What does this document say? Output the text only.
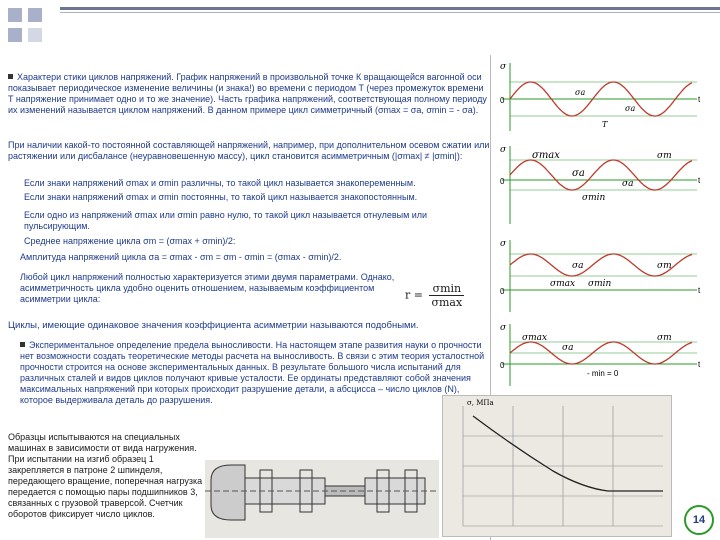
Характери стики циклов напряжений. График напряжений в произвольной точке К вращающейся вагонной оси показывает периодическое изменение величины (и знака!) во времени с периодом T (через промежуток времени T напряжение принимает одно и то же значение). Часть графика напряжений, соответствующая полному периоду их изменений называется циклом напряжений. В данном примере цикл симметричный (σmax = σa, σmin = - σa).
При наличии какой-то постоянной составляющей напряжений, например, при дополнительном осевом сжатии или растяжении или дисбалансе (неуравновешенную массу), цикл становится асимметричным (|σmax| ≠ |σmin|):
Если знаки напряжений σmax и σmin различны, то такой цикл называется знакопеременным.
Если знаки напряжений σmax и σmin постоянны, то такой цикл называется знакопостоянным.
Если одно из напряжений σmax или σmin равно нулю, то такой цикл называется отнулевым или пульсирующим.
Среднее напряжение цикла σm = (σmax + σmin)/2:
Амплитуда напряжений цикла σa = σmax - σm = σm - σmin = (σmax - σmin)/2.
Любой цикл напряжений полностью характеризуется этими двумя параметрами. Однако, асимметричность цикла удобно оценить отношением, называемым коэффициентом асимметрии цикла:	r = σmin
σmax
Циклы, имеющие одинаковое значения коэффициента асимметрии называются подобными.
Экспериментальное определение предела выносливости. На настоящем этапе развития науки о прочности нет возможности создать теоретические методы расчета на выносливость. В связи с этим теория усталостной прочности строится на основе экспериментальных данных. В результате большого числа испытаний для различных сталей и видов циклов получают кривые усталости. Ее ординаты представляют собой значения максимальных напряжений при которых происходит разрушение детали, а абсцисса – число циклов (N), которое выдерживала деталь до разрушения.
Образцы испытываются на специальных машинах в зависимости от вида нагружения. При испытании на изгиб образец 1 закрепляется в патроне 2 шпинделя, передающего вращение, поперечная нагрузка передается с помощью пары подшипников 3, связанных с грузовой траверсой. Счетчик оборотов фиксирует число циклов.
σ, МПа
σ
0	t
T
σa
σa
σ
0	t
σmax
σa
σm
σa
σmin
σ
0	t
σa
σmax σmin
σm
σ
0	t
σmax
σa
σm
- min = 0
14
